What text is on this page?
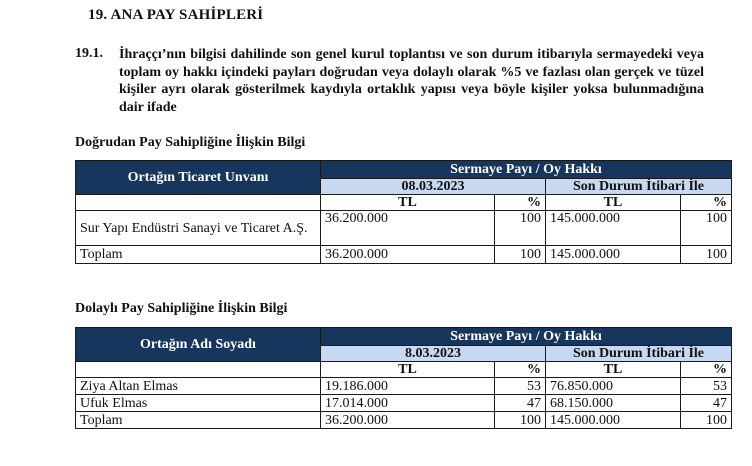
19. ANA PAY SAHİPLERİ
19.1. İhraççı’nın bilgisi dahilinde son genel kurul toplantısı ve son durum itibarıyla sermayedeki veya toplam oy hakkı içindeki payları doğrudan veya dolaylı olarak %5 ve fazlası olan gerçek ve tüzel kişiler ayrı olarak gösterilmek kaydıyla ortaklık yapısı veya böyle kişiler yoksa bulunmadığına dair ifade
Doğrudan Pay Sahipliğine İlişkin Bilgi
Ortağın Ticaret Unvanı	Sermaye Payı / Oy Hakkı			
	08.03.2023		Son Durum İtibari İle	
	TL	%	TL	%
Sur Yapı Endüstri Sanayi ve Ticaret A.Ş.	36.200.000	100	145.000.000	100
Toplam	36.200.000	100	145.000.000	100
Dolaylı Pay Sahipliğine İlişkin Bilgi
Ortağın Adı Soyadı	Sermaye Payı / Oy Hakkı			
	8.03.2023		Son Durum İtibari İle	
	TL	%	TL	%
Ziya Altan Elmas	19.186.000	53	76.850.000	53
Ufuk Elmas	17.014.000	47	68.150.000	47
Toplam	36.200.000	100	145.000.000	100
